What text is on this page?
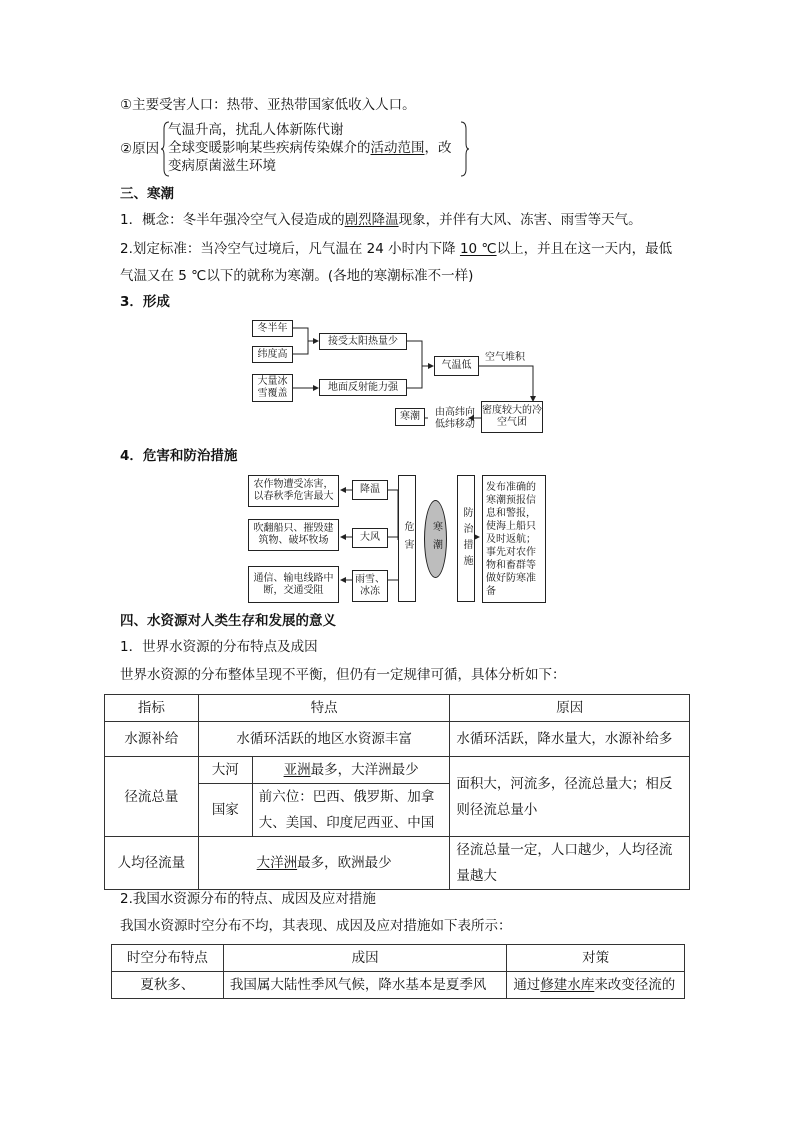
①主要受害人口：热带、亚热带国家低收入人口。
②原因
气温升高，扰乱人体新陈代谢
全球变暖影响某些疾病传染媒介的活动范围，改
变病原菌滋生环境
三、寒潮
1．概念：冬半年强冷空气入侵造成的剧烈降温现象，并伴有大风、冻害、雨雪等天气。
2.划定标准：当冷空气过境后，凡气温在 24 小时内下降 10 ℃以上，并且在这一天内，最低
气温又在 5 ℃以下的就称为寒潮。(各地的寒潮标准不一样)
3．形成
冬半年
纬度高
大量冰雪覆盖
接受太阳热量少
地面反射能力强
气温低
空气堆积
密度较大的冷空气团
由高纬向低纬移动
寒潮
4．危害和防治措施
农作物遭受冻害，以春秋季危害最大
降温
吹翻船只、摧毁建筑物、破坏牧场	大风
通信、输电线路中断，交通受阻
雨雪、冰冻
危害	寒潮	防治措施
发布准确的寒潮预报信息和警报，使海上船只及时返航；事先对农作物和畜群等做好防寒准备
四、水资源对人类生存和发展的意义
1．世界水资源的分布特点及成因
世界水资源的分布整体呈现不平衡，但仍有一定规律可循，具体分析如下：
指标	特点		原因
水源补给	水循环活跃的地区水资源丰富		水循环活跃，降水量大，水源补给多
径流总量	大河	亚洲最多，大洋洲最少	面积大，河流多，径流总量大；相反则径流总量小
	国家	前六位：巴西、俄罗斯、加拿大、美国、印度尼西亚、中国	
人均径流量	大洋洲最多，欧洲最少		径流总量一定，人口越少，人均径流量越大
2.我国水资源分布的特点、成因及应对措施
我国水资源时空分布不均，其表现、成因及应对措施如下表所示：
时空分布特点	成因	对策
夏秋多、	我国属大陆性季风气候，降水基本是夏季风	通过修建水库来改变径流的
